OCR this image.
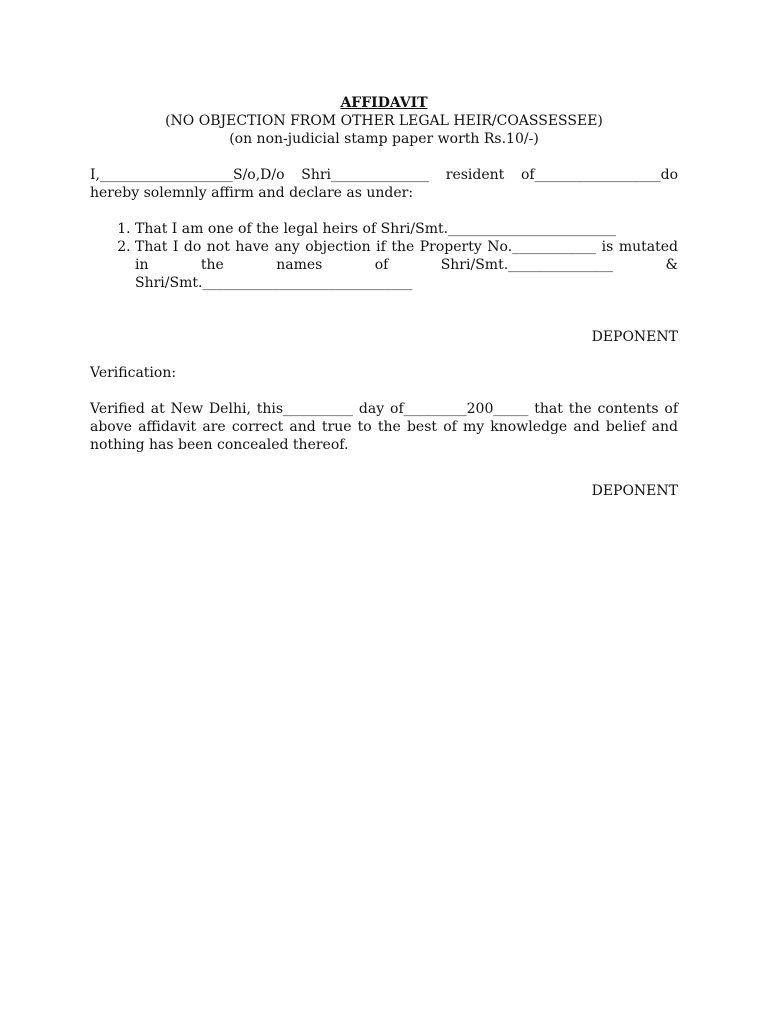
AFFIDAVIT
(NO OBJECTION FROM OTHER LEGAL HEIR/COASSESSEE)
(on non-judicial stamp paper worth Rs.10/-)
I,___________________S/o,D/o Shri______________ resident of__________________do hereby solemnly affirm and declare as under:
1. That I am one of the legal heirs of Shri/Smt.________________________
2. That I do not have any objection if the Property No.____________ is mutated in the names of Shri/Smt._______________ & Shri/Smt.______________________________
DEPONENT
Verification:
Verified at New Delhi, this__________ day of_________200_____ that the contents of above affidavit are correct and true to the best of my knowledge and belief and nothing has been concealed thereof.
DEPONENT
